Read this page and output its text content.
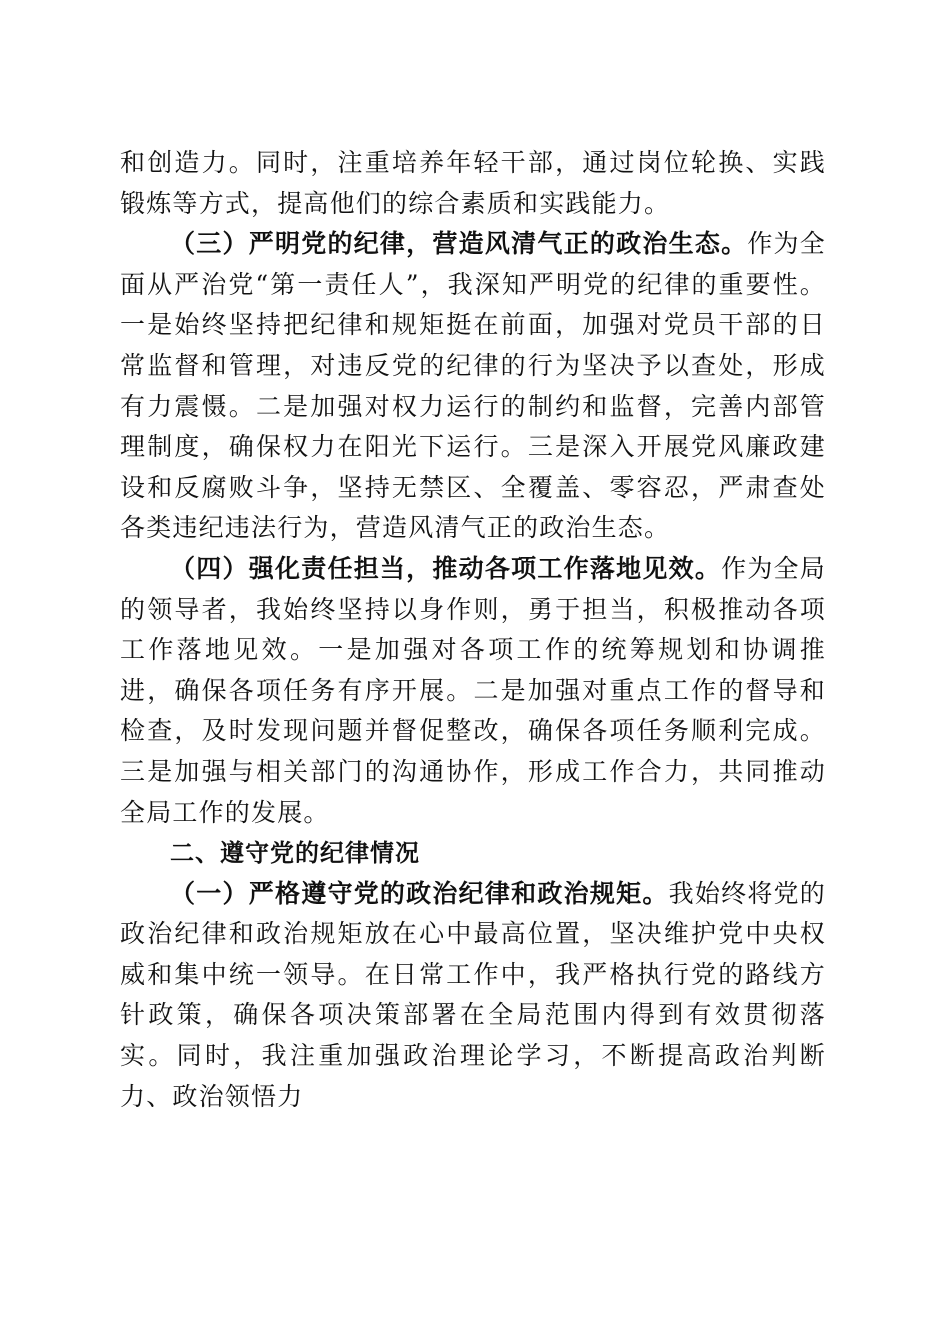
和创造力。同时，注重培养年轻干部，通过岗位轮换、实践锻炼等方式，提高他们的综合素质和实践能力。

（三）严明党的纪律，营造风清气正的政治生态。作为全面从严治党“第一责任人”，我深知严明党的纪律的重要性。一是始终坚持把纪律和规矩挺在前面，加强对党员干部的日常监督和管理，对违反党的纪律的行为坚决予以查处，形成有力震慑。二是加强对权力运行的制约和监督，完善内部管理制度，确保权力在阳光下运行。三是深入开展党风廉政建设和反腐败斗争，坚持无禁区、全覆盖、零容忍，严肃查处各类违纪违法行为，营造风清气正的政治生态。

（四）强化责任担当，推动各项工作落地见效。作为全局的领导者，我始终坚持以身作则，勇于担当，积极推动各项工作落地见效。一是加强对各项工作的统筹规划和协调推进，确保各项任务有序开展。二是加强对重点工作的督导和检查，及时发现问题并督促整改，确保各项任务顺利完成。三是加强与相关部门的沟通协作，形成工作合力，共同推动全局工作的发展。

二、遵守党的纪律情况

（一）严格遵守党的政治纪律和政治规矩。我始终将党的政治纪律和政治规矩放在心中最高位置，坚决维护党中央权威和集中统一领导。在日常工作中，我严格执行党的路线方针政策，确保各项决策部署在全局范围内得到有效贯彻落实。同时，我注重加强政治理论学习，不断提高政治判断力、政治领悟力
